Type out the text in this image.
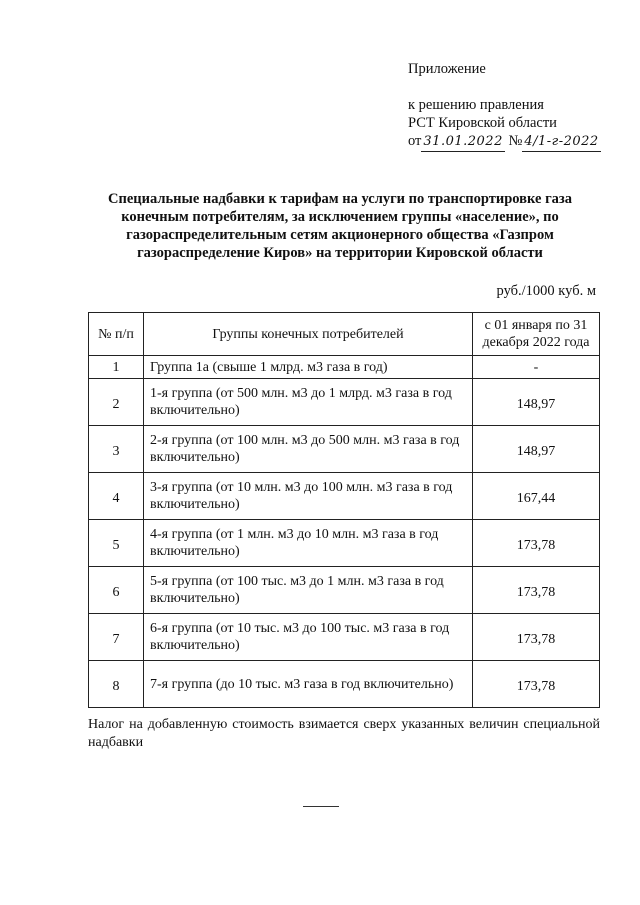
Приложение
к решению правления
РСТ Кировской области
от 31.01.2022 № 4/1-г-2022
Специальные надбавки к тарифам на услуги по транспортировке газа конечным потребителям, за исключением группы «население», по газораспределительным сетям акционерного общества «Газпром газораспределение Киров» на территории Кировской области
руб./1000 куб. м
№ п/п	Группы конечных потребителей	с 01 января по 31 декабря 2022 года
1	Группа 1а (свыше 1 млрд. м3 газа в год)	-
2	1-я группа (от 500 млн. м3 до 1 млрд. м3 газа в год включительно)	148,97
3	2-я группа (от 100 млн. м3 до 500 млн. м3 газа в год включительно)	148,97
4	3-я группа (от 10 млн. м3 до 100 млн. м3 газа в год включительно)	167,44
5	4-я группа (от 1 млн. м3 до 10 млн. м3 газа в год включительно)	173,78
6	5-я группа (от 100 тыс. м3 до 1 млн. м3 газа в год включительно)	173,78
7	6-я группа (от 10 тыс. м3 до 100 тыс. м3 газа в год включительно)	173,78
8	7-я группа (до 10 тыс. м3 газа в год включительно)	173,78
Налог на добавленную стоимость взимается сверх указанных величин специальной надбавки
